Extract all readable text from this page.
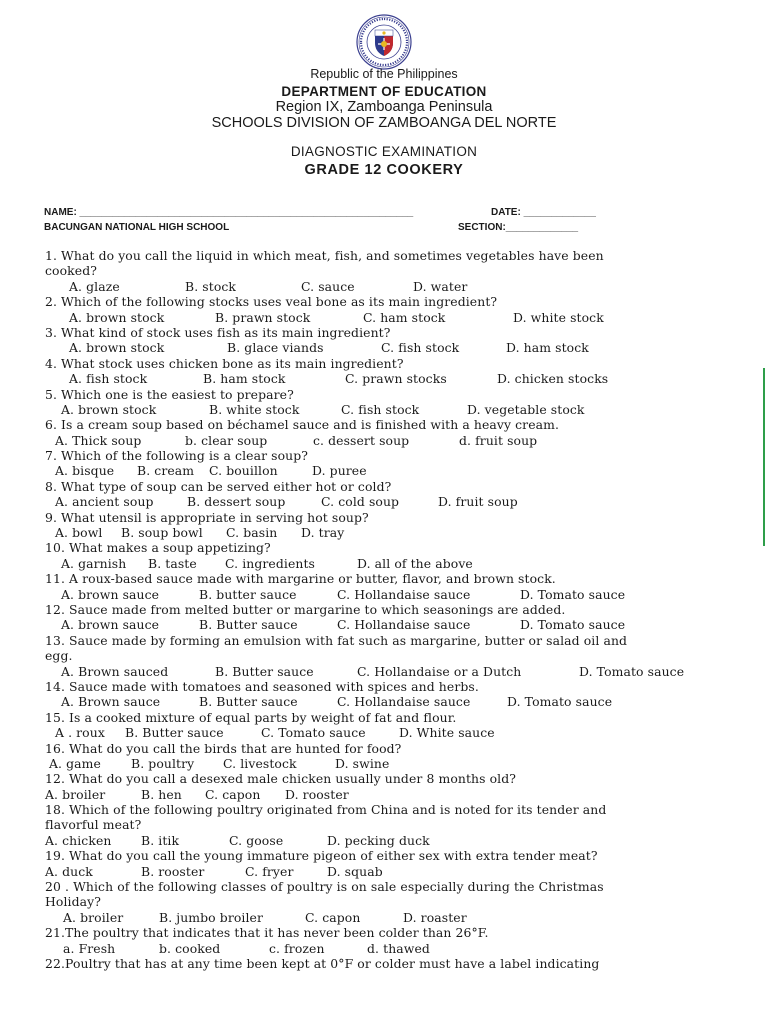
Republic of the Philippines
DEPARTMENT OF EDUCATION
Region IX, Zamboanga Peninsula
SCHOOLS DIVISION OF ZAMBOANGA DEL NORTE
DIAGNOSTIC EXAMINATION
GRADE 12 COOKERY
NAME: ____________________________________________________________	DATE: _____________
BACUNGAN NATIONAL HIGH SCHOOL	SECTION:_____________
1. What do you call the liquid in which meat, fish, and sometimes vegetables have been
cooked?
A. glaze	B. stock	C. sauce	D. water
2. Which of the following stocks uses veal bone as its main ingredient?
A. brown stock	B. prawn stock	C. ham stock	D. white stock
3. What kind of stock uses fish as its main ingredient?
A. brown stock	B. glace viands	C. fish stock	D. ham stock
4. What stock uses chicken bone as its main ingredient?
A. fish stock	B. ham stock	C. prawn stocks	D. chicken stocks
5. Which one is the easiest to prepare?
A. brown stock	B. white stock	C. fish stock	D. vegetable stock
6. Is a cream soup based on béchamel sauce and is finished with a heavy cream.
A. Thick soup	b. clear soup	c. dessert soup	d. fruit soup
7. Which of the following is a clear soup?
A. bisque B. cream C. bouillon	D. puree
8. What type of soup can be served either hot or cold?
A. ancient soup	B. dessert soup	C. cold soup	D. fruit soup
9. What utensil is appropriate in serving hot soup?
A. bowl B. soup bowl C. basin D. tray
10. What makes a soup appetizing?
A. garnish B. taste C. ingredients	D. all of the above
11. A roux-based sauce made with margarine or butter, flavor, and brown stock.
A. brown sauce	B. butter sauce	C. Hollandaise sauce	D. Tomato sauce
12. Sauce made from melted butter or margarine to which seasonings are added.
A. brown sauce	B. Butter sauce	C. Hollandaise sauce	D. Tomato sauce
13. Sauce made by forming an emulsion with fat such as margarine, butter or salad oil and
egg.
A. Brown sauced	B. Butter sauce	C. Hollandaise or a Dutch	D. Tomato sauce
14. Sauce made with tomatoes and seasoned with spices and herbs.
A. Brown sauce	B. Butter sauce	C. Hollandaise sauce	D. Tomato sauce
15. Is a cooked mixture of equal parts by weight of fat and flour.
A . roux B. Butter sauce	C. Tomato sauce	D. White sauce
16. What do you call the birds that are hunted for food?
A. game B. poultry C. livestock	D. swine
12. What do you call a desexed male chicken usually under 8 months old?
A. broiler	B. hen C. capon D. rooster
18. Which of the following poultry originated from China and is noted for its tender and
flavorful meat?
A. chicken B. itik	C. goose	D. pecking duck
19. What do you call the young immature pigeon of either sex with extra tender meat?
A. duck	B. rooster	C. fryer	D. squab
20 . Which of the following classes of poultry is on sale especially during the Christmas
Holiday?
A. broiler	B. jumbo broiler	C. capon	D. roaster
21.The poultry that indicates that it has never been colder than 26°F.
a. Fresh	b. cooked	c. frozen	d. thawed
22.Poultry that has at any time been kept at 0°F or colder must have a label indicating
